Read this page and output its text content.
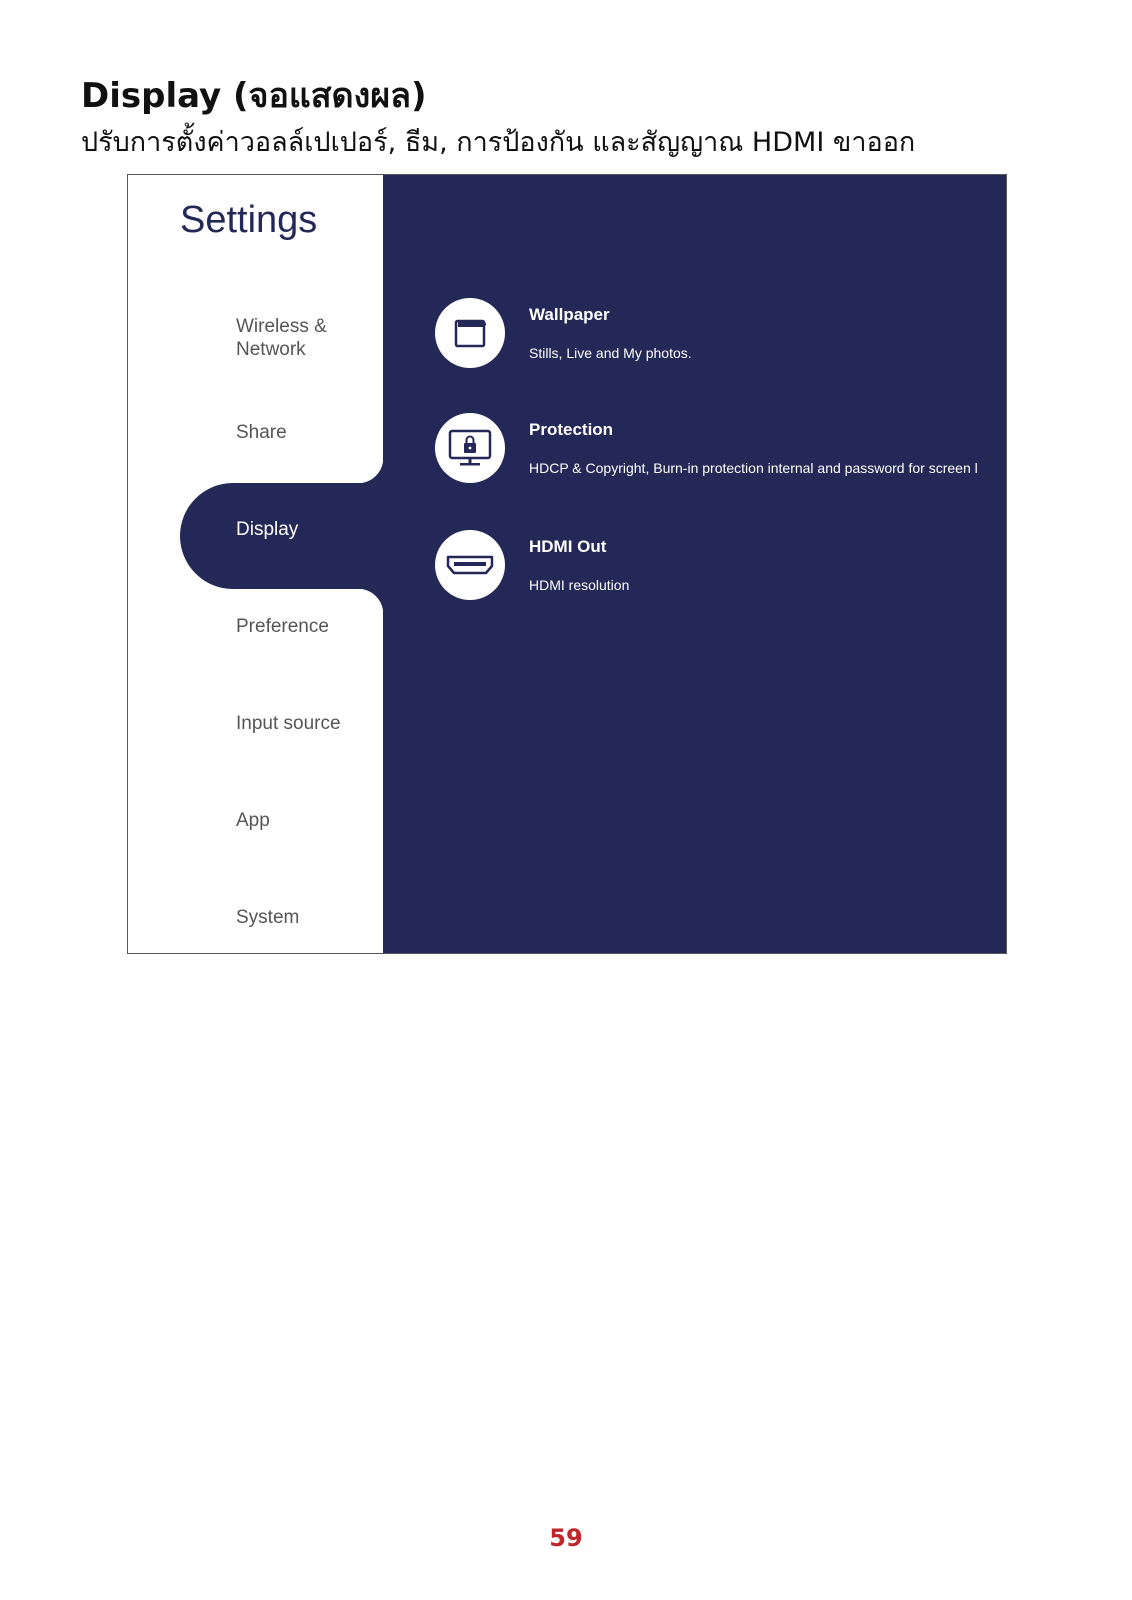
Display (จอแสดงผล)

ปรับการตั้งค่าวอลล์เปเปอร์, ธีม, การป้องกัน และสัญญาณ HDMI ขาออก

Settings
Wallpaper
Stills, Live and My photos.
Protection
HDCP & Copyright, Burn-in protection internal and password for screen l
HDMI Out
HDMI resolution
Wireless &
Network
Share
Display
Preference
Input source
App
System
59
